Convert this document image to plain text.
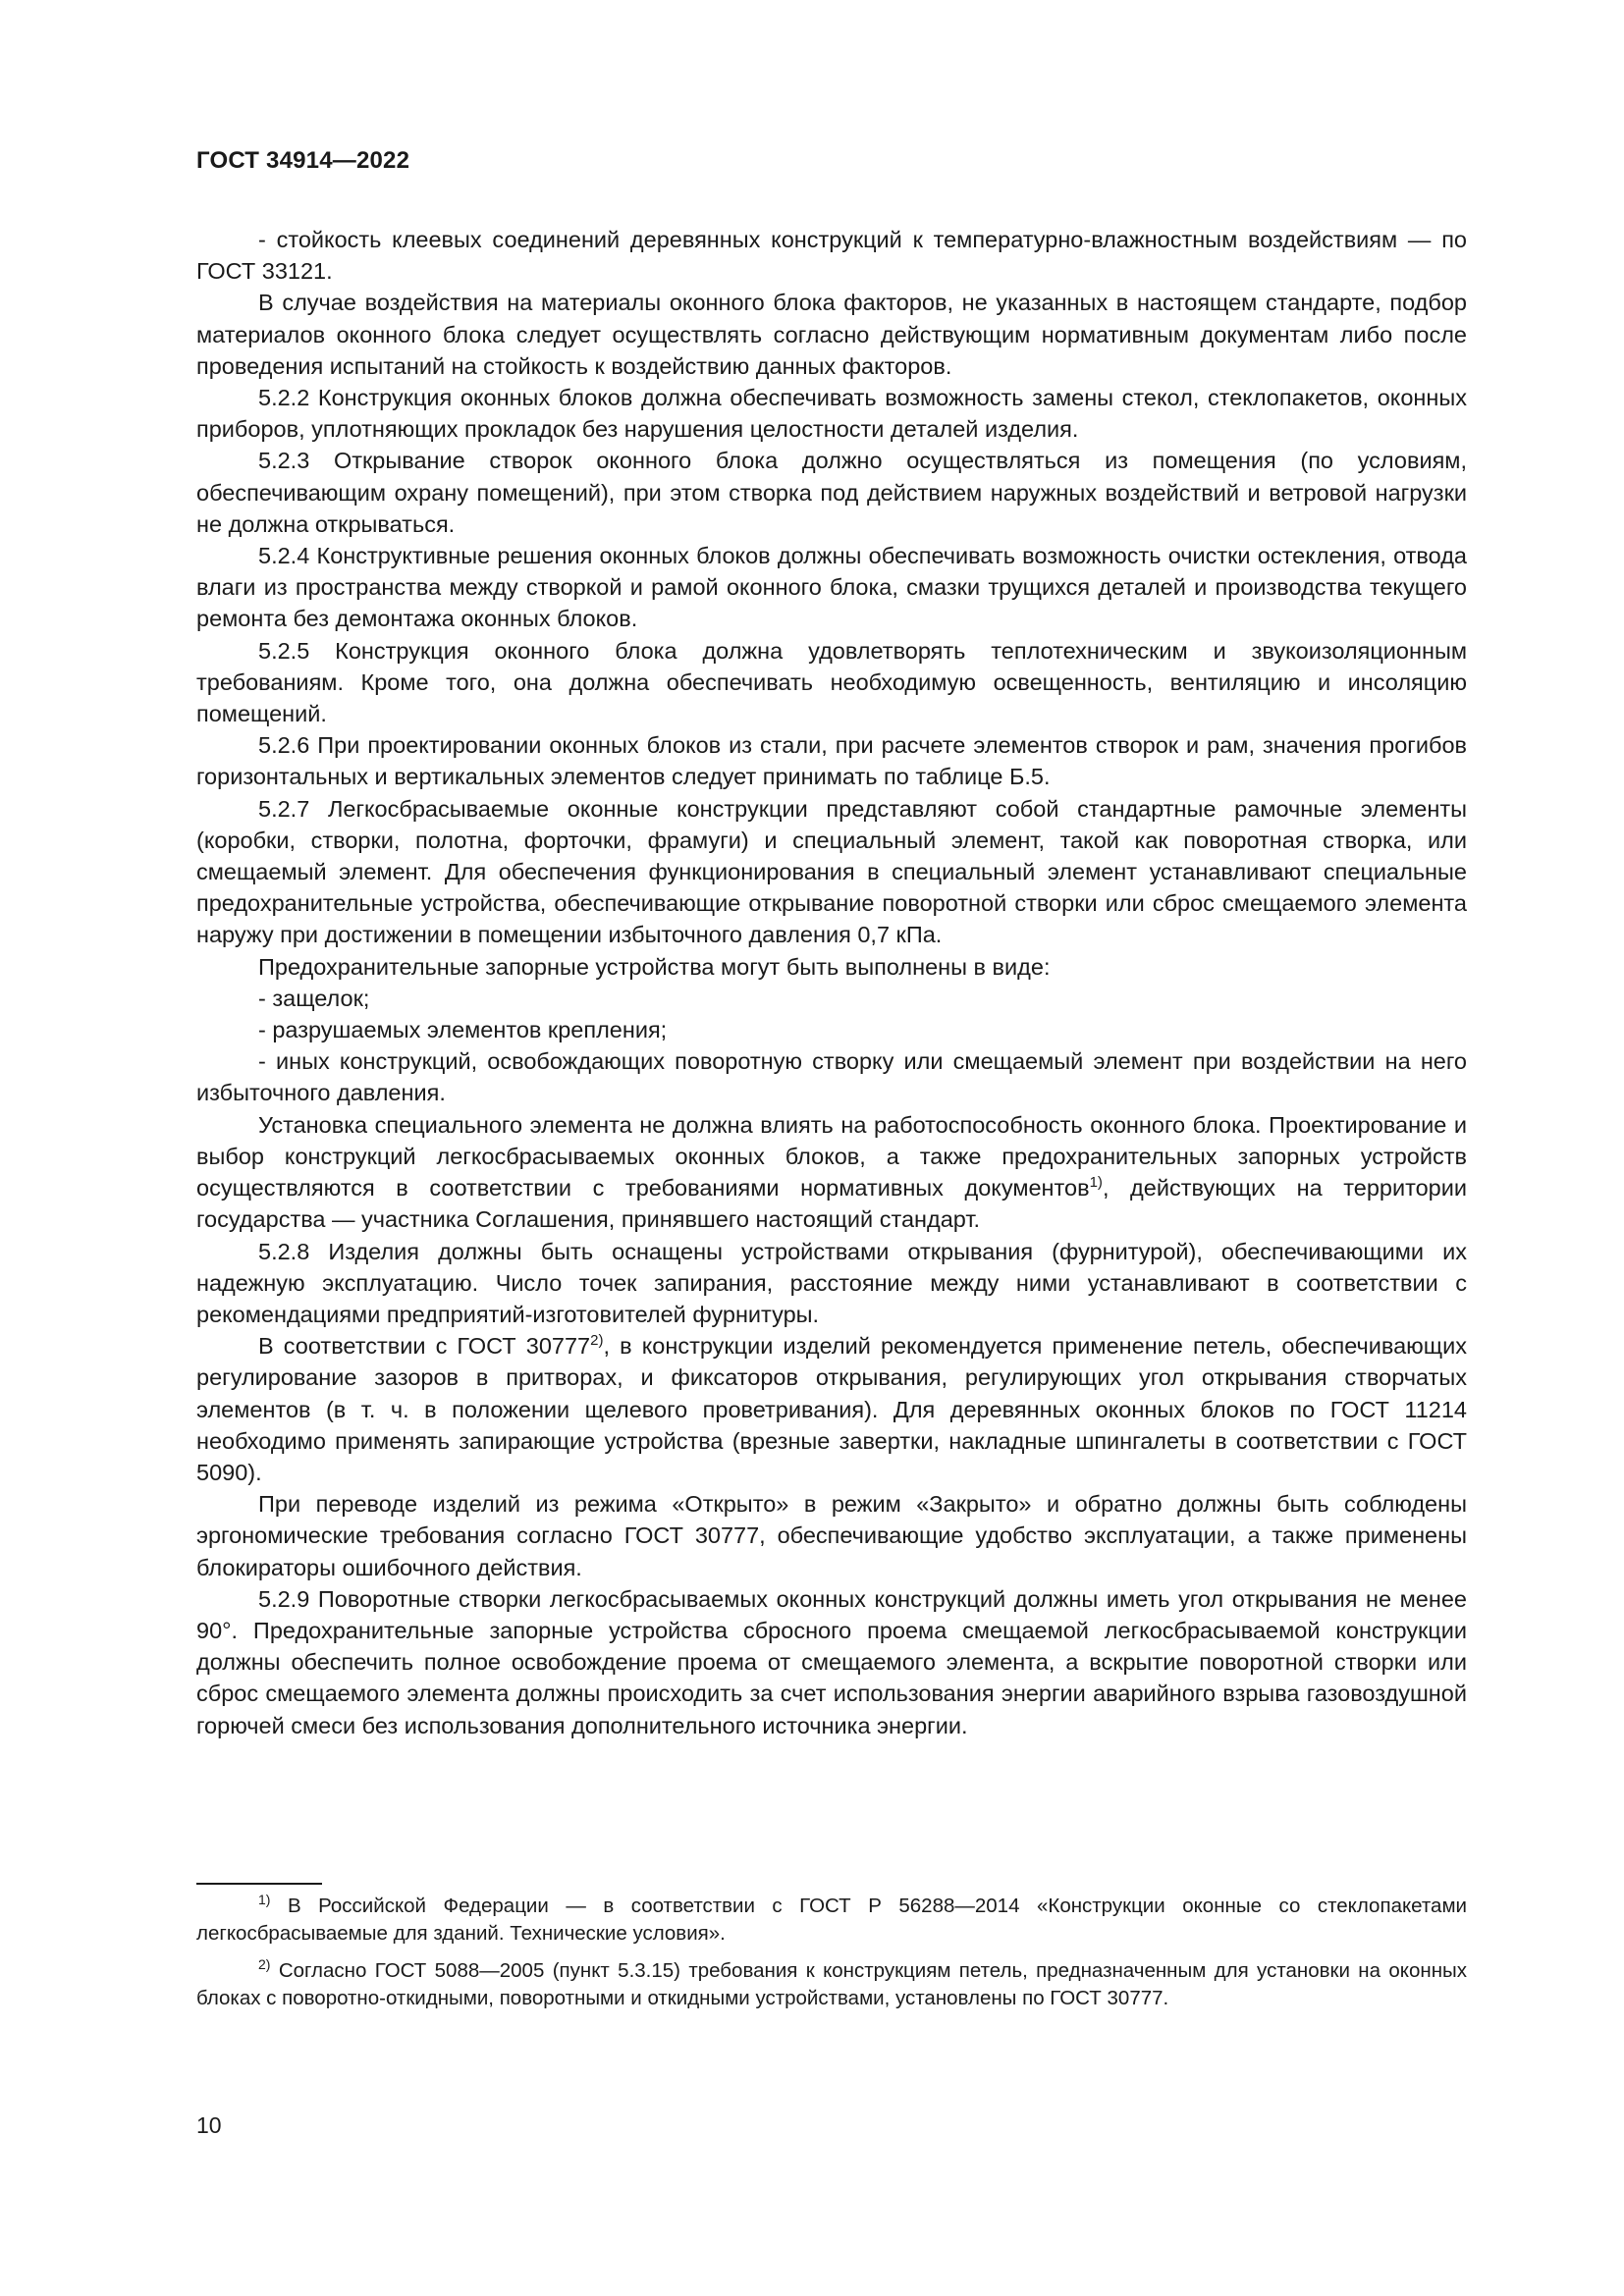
ГОСТ 34914—2022

- стойкость клеевых соединений деревянных конструкций к температурно-влажностным воздействиям — по ГОСТ 33121.

В случае воздействия на материалы оконного блока факторов, не указанных в настоящем стандарте, подбор материалов оконного блока следует осуществлять согласно действующим нормативным документам либо после проведения испытаний на стойкость к воздействию данных факторов.

5.2.2 Конструкция оконных блоков должна обеспечивать возможность замены стекол, стеклопакетов, оконных приборов, уплотняющих прокладок без нарушения целостности деталей изделия.

5.2.3 Открывание створок оконного блока должно осуществляться из помещения (по условиям, обеспечивающим охрану помещений), при этом створка под действием наружных воздействий и ветровой нагрузки не должна открываться.

5.2.4 Конструктивные решения оконных блоков должны обеспечивать возможность очистки остекления, отвода влаги из пространства между створкой и рамой оконного блока, смазки трущихся деталей и производства текущего ремонта без демонтажа оконных блоков.

5.2.5 Конструкция оконного блока должна удовлетворять теплотехническим и звукоизоляционным требованиям. Кроме того, она должна обеспечивать необходимую освещенность, вентиляцию и инсоляцию помещений.

5.2.6 При проектировании оконных блоков из стали, при расчете элементов створок и рам, значения прогибов горизонтальных и вертикальных элементов следует принимать по таблице Б.5.

5.2.7 Легкосбрасываемые оконные конструкции представляют собой стандартные рамочные элементы (коробки, створки, полотна, форточки, фрамуги) и специальный элемент, такой как поворотная створка, или смещаемый элемент. Для обеспечения функционирования в специальный элемент устанавливают специальные предохранительные устройства, обеспечивающие открывание поворотной створки или сброс смещаемого элемента наружу при достижении в помещении избыточного давления 0,7 кПа.

Предохранительные запорные устройства могут быть выполнены в виде:

- защелок;

- разрушаемых элементов крепления;

- иных конструкций, освобождающих поворотную створку или смещаемый элемент при воздействии на него избыточного давления.

Установка специального элемента не должна влиять на работоспособность оконного блока. Проектирование и выбор конструкций легкосбрасываемых оконных блоков, а также предохранительных запорных устройств осуществляются в соответствии с требованиями нормативных документов$^{1)}$, действующих на территории государства — участника Соглашения, принявшего настоящий стандарт.

5.2.8 Изделия должны быть оснащены устройствами открывания (фурнитурой), обеспечивающими их надежную эксплуатацию. Число точек запирания, расстояние между ними устанавливают в соответствии с рекомендациями предприятий-изготовителей фурнитуры.

В соответствии с ГОСТ 30777$^{2)}$, в конструкции изделий рекомендуется применение петель, обеспечивающих регулирование зазоров в притворах, и фиксаторов открывания, регулирующих угол открывания створчатых элементов (в т. ч. в положении щелевого проветривания). Для деревянных оконных блоков по ГОСТ 11214 необходимо применять запирающие устройства (врезные завертки, накладные шпингалеты в соответствии с ГОСТ 5090).

При переводе изделий из режима «Открыто» в режим «Закрыто» и обратно должны быть соблюдены эргономические требования согласно ГОСТ 30777, обеспечивающие удобство эксплуатации, а также применены блокираторы ошибочного действия.

5.2.9 Поворотные створки легкосбрасываемых оконных конструкций должны иметь угол открывания не менее 90°. Предохранительные запорные устройства сбросного проема смещаемой легкосбрасываемой конструкции должны обеспечить полное освобождение проема от смещаемого элемента, а вскрытие поворотной створки или сброс смещаемого элемента должны происходить за счет использования энергии аварийного взрыва газовоздушной горючей смеси без использования дополнительного источника энергии.

$^{1)}$ В Российской Федерации — в соответствии с ГОСТ Р 56288—2014 «Конструкции оконные со стеклопакетами легкосбрасываемые для зданий. Технические условия».

$^{2)}$ Согласно ГОСТ 5088—2005 (пункт 5.3.15) требования к конструкциям петель, предназначенным для установки на оконных блоках с поворотно-откидными, поворотными и откидными устройствами, установлены по ГОСТ 30777.

10
